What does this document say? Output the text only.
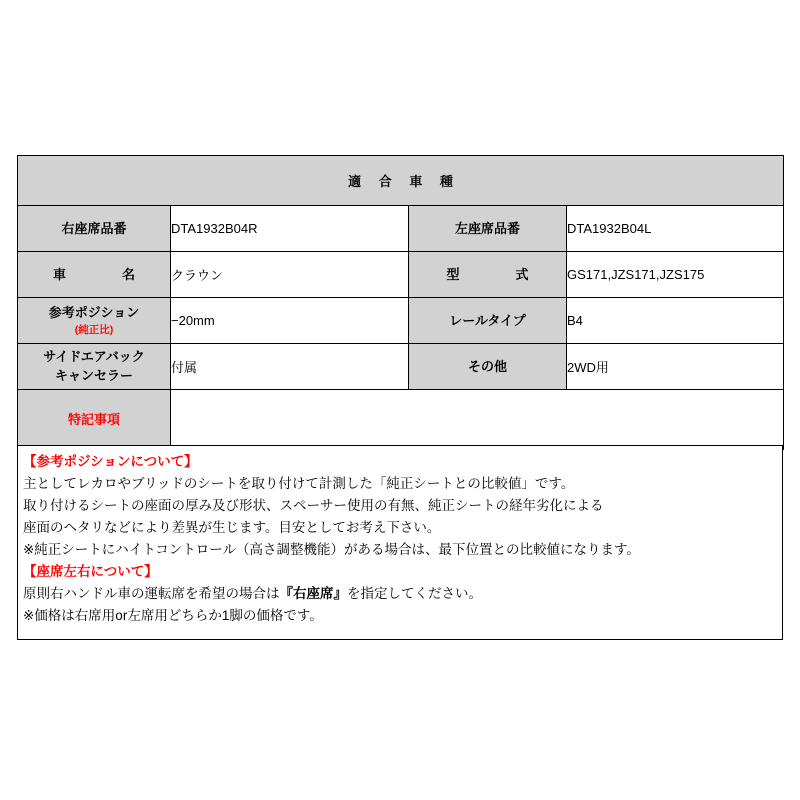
適 合 車 種			
右座席品番	DTA1932B04R	左座席品番	DTA1932B04L
車　　名	クラウン	型　　式	GS171,JZS171,JZS175
参考ポジション
(純正比)	−20mm	レールタイプ	B4
サイドエアバック
キャンセラー	付属	その他	2WD用
特記事項			
【参考ポジションについて】
主としてレカロやブリッドのシートを取り付けて計測した「純正シートとの比較値」です。
取り付けるシートの座面の厚み及び形状、スペーサー使用の有無、純正シートの経年劣化による
座面のヘタリなどにより差異が生じます。目安としてお考え下さい。
※純正シートにハイトコントロール（高さ調整機能）がある場合は、最下位置との比較値になります。
【座席左右について】
原則右ハンドル車の運転席を希望の場合は『右座席』を指定してください。
※価格は右席用or左席用どちらか1脚の価格です。
